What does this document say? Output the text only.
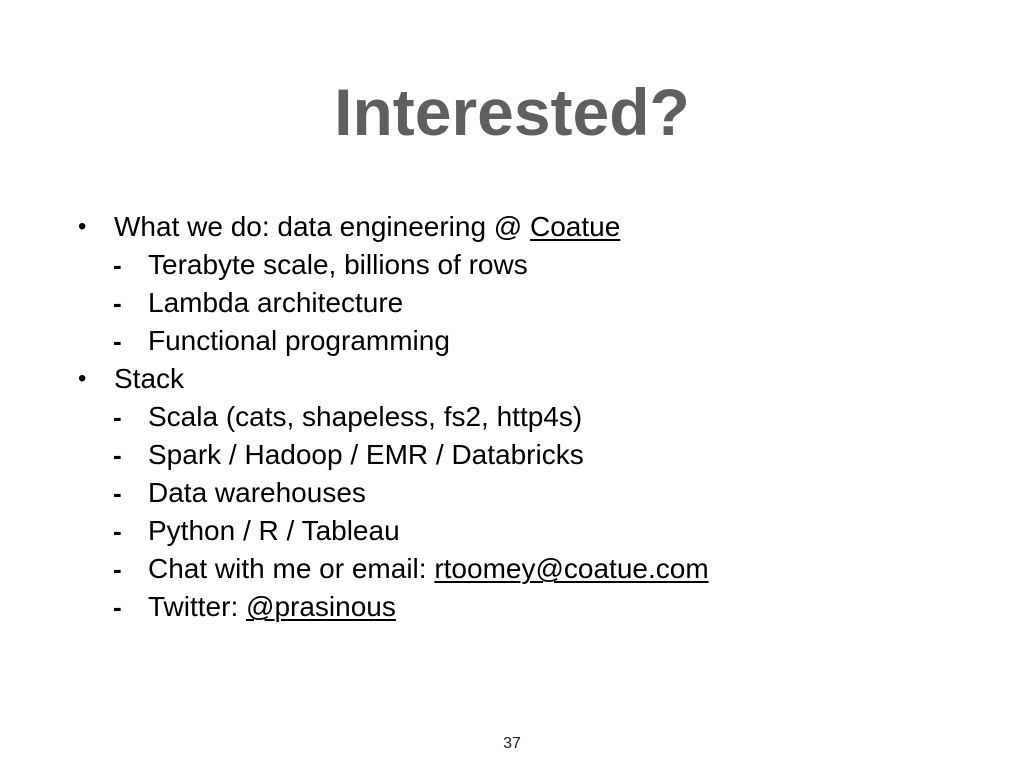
Interested?
• What we do: data engineering @ Coatue
- Terabyte scale, billions of rows
- Lambda architecture
- Functional programming
• Stack
- Scala (cats, shapeless, fs2, http4s)
- Spark / Hadoop / EMR / Databricks
- Data warehouses
- Python / R / Tableau
- Chat with me or email: rtoomey@coatue.com
- Twitter: @prasinous
37
